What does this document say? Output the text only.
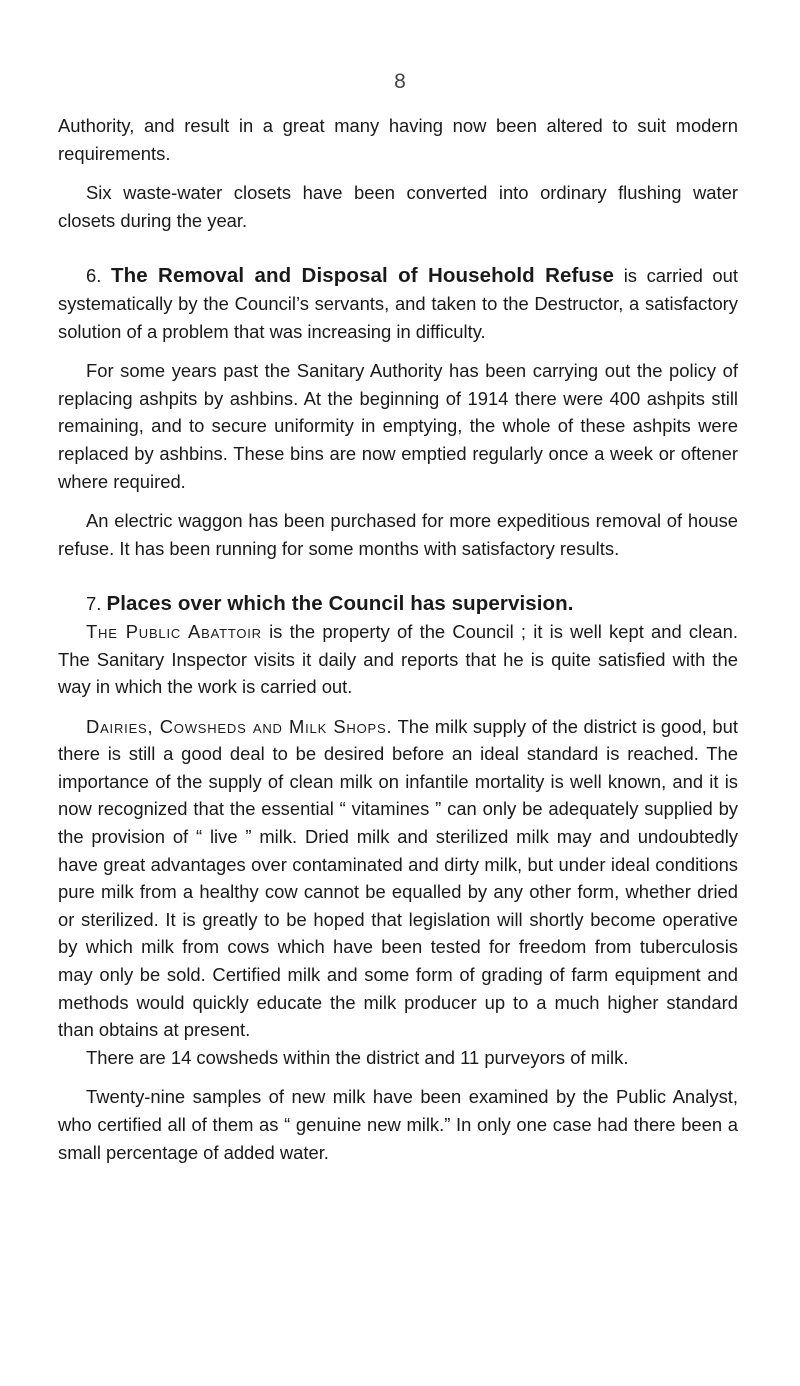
8

Authority, and result in a great many having now been altered to suit modern requirements.

Six waste-water closets have been converted into ordinary flushing water closets during the year.

6. The Removal and Disposal of Household Refuse is carried out systematically by the Council’s servants, and taken to the Destructor, a satisfactory solution of a problem that was increasing in difficulty.

For some years past the Sanitary Authority has been carrying out the policy of replacing ashpits by ashbins. At the beginning of 1914 there were 400 ashpits still remaining, and to secure uniformity in emptying, the whole of these ashpits were replaced by ashbins. These bins are now emptied regularly once a week or oftener where required.

An electric waggon has been purchased for more expeditious removal of house refuse. It has been running for some months with satisfactory results.

7. Places over which the Council has supervision.

The Public Abattoir is the property of the Council ; it is well kept and clean. The Sanitary Inspector visits it daily and reports that he is quite satisfied with the way in which the work is carried out.

Dairies, Cowsheds and Milk Shops. The milk supply of the district is good, but there is still a good deal to be desired before an ideal standard is reached. The importance of the supply of clean milk on infantile mortality is well known, and it is now recognized that the essential “ vitamines ” can only be adequately supplied by the provision of “ live ” milk. Dried milk and sterilized milk may and undoubtedly have great advantages over contaminated and dirty milk, but under ideal conditions pure milk from a healthy cow cannot be equalled by any other form, whether dried or sterilized. It is greatly to be hoped that legislation will shortly become operative by which milk from cows which have been tested for freedom from tuberculosis may only be sold. Certified milk and some form of grading of farm equipment and methods would quickly educate the milk producer up to a much higher standard than obtains at present.

There are 14 cowsheds within the district and 11 purveyors of milk.

Twenty-nine samples of new milk have been examined by the Public Analyst, who certified all of them as “ genuine new milk.” In only one case had there been a small percentage of added water.
